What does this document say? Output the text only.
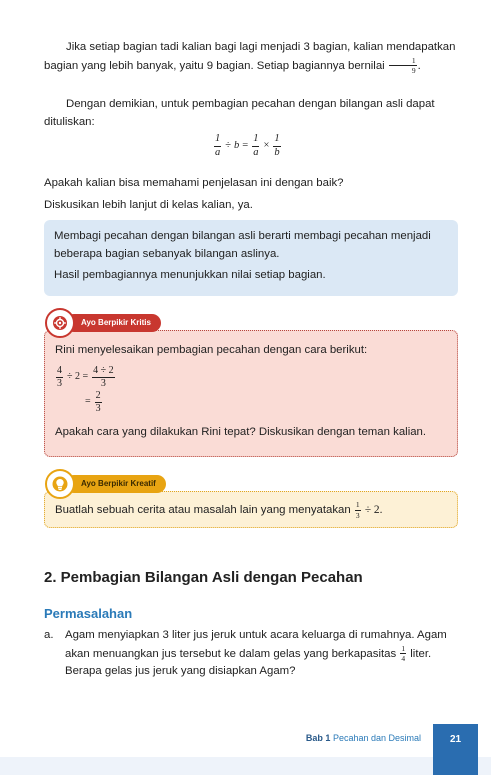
Jika setiap bagian tadi kalian bagi lagi menjadi 3 bagian, kalian mendapatkan bagian yang lebih banyak, yaitu 9 bagian. Setiap bagiannya bernilai $\frac{1}{9}$ .

Dengan demikian, untuk pembagian pecahan dengan bilangan asli dapat dituliskan:

$\frac{1}{a} \div b = \frac{1}{a} \times \frac{1}{b}$

Apakah kalian bisa memahami penjelasan ini dengan baik?

Diskusikan lebih lanjut di kelas kalian, ya.

Membagi pecahan dengan bilangan asli berarti membagi pecahan menjadi beberapa bagian sebanyak bilangan aslinya.

Hasil pembagiannya menunjukkan nilai setiap bagian.

Rini menyelesaikan pembagian pecahan dengan cara berikut:

$\frac{4}{3} \div 2 = \frac{4 \div 2}{3}$
= $\frac{2}{3}$

Apakah cara yang dilakukan Rini tepat? Diskusikan dengan teman kalian.

Ayo Berpikir Kritis

Buatlah sebuah cerita atau masalah lain yang menyatakan $\frac{1}{3} \div 2$.

Ayo Berpikir Kreatif
2. Pembagian Bilangan Asli dengan Pecahan
Permasalahan
a.	Agam menyiapkan 3 liter jus jeruk untuk acara keluarga di rumahnya. Agam akan menuangkan jus tersebut ke dalam gelas yang berkapasitas $\frac{1}{4}$ liter. Berapa gelas jus jeruk yang disiapkan Agam?

Bab 1 Pecahan dan Desimal	21
